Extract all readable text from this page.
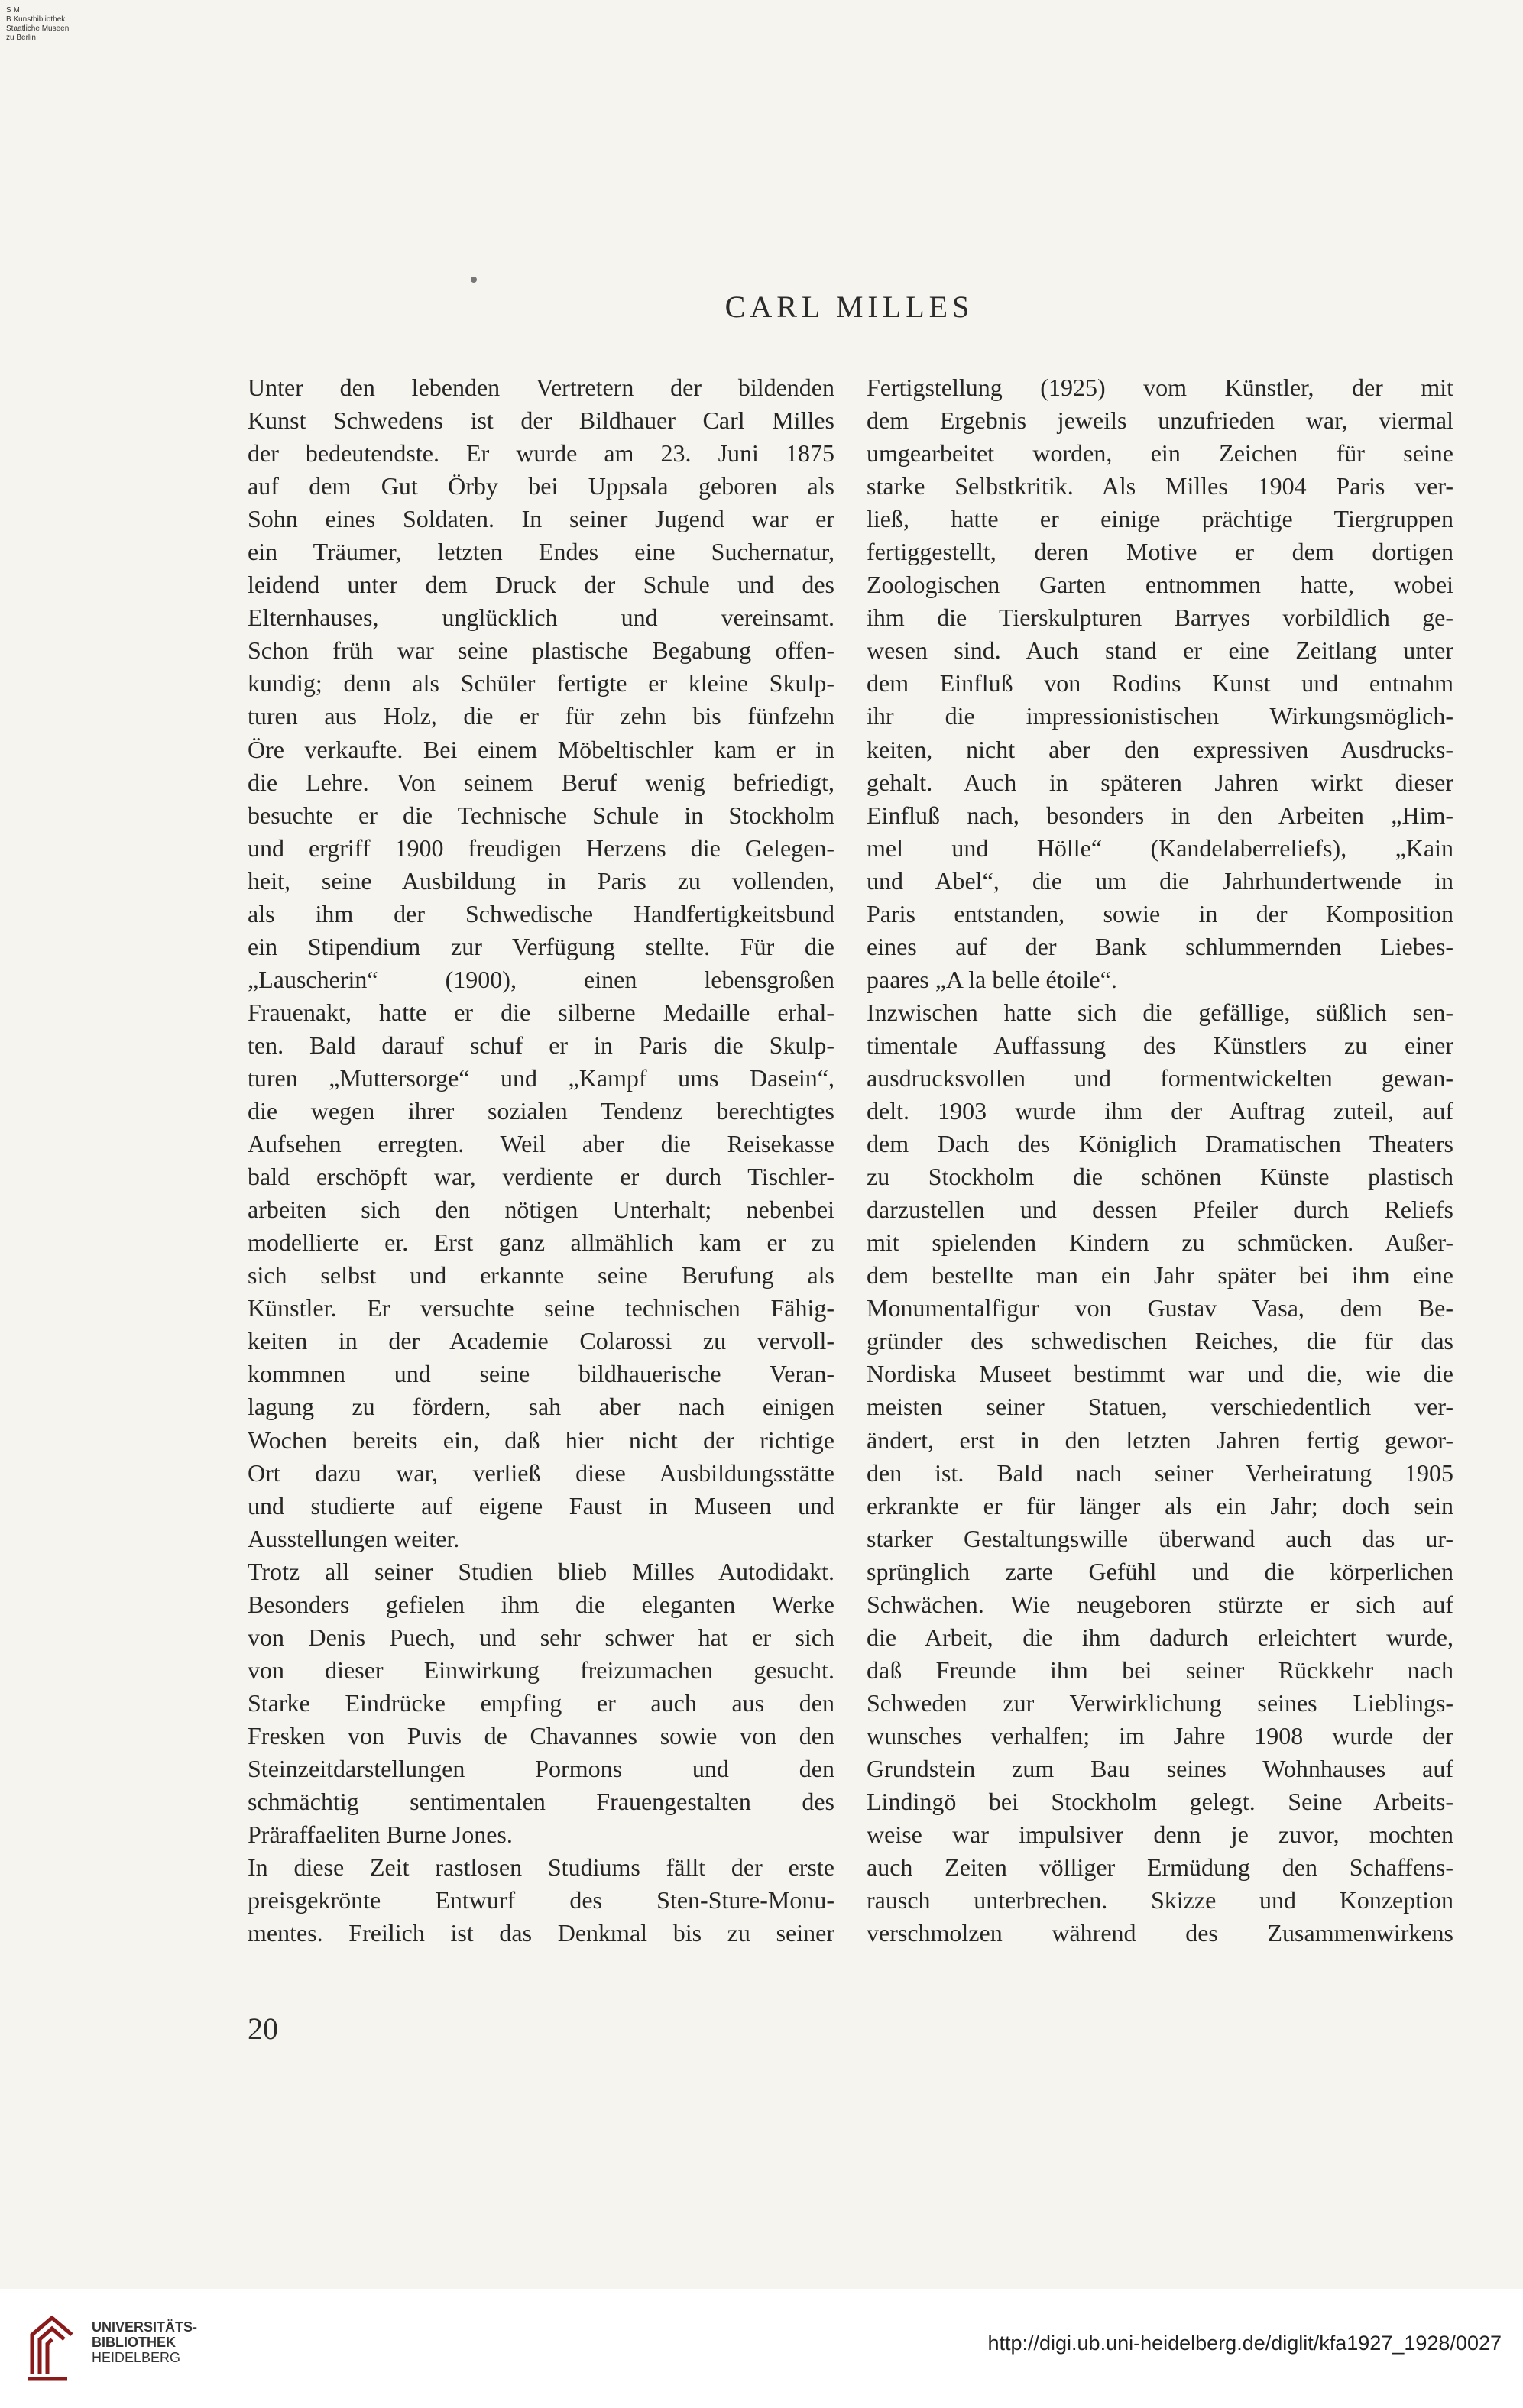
S M
B Kunstbibliothek
Staatliche Museen
zu Berlin
CARL MILLES
Unter den lebenden Vertretern der bildenden
Kunst Schwedens ist der Bildhauer Carl Milles
der bedeutendste. Er wurde am 23. Juni 1875
auf dem Gut Örby bei Uppsala geboren als
Sohn eines Soldaten. In seiner Jugend war er
ein Träumer, letzten Endes eine Suchernatur,
leidend unter dem Druck der Schule und des
Elternhauses, unglücklich und vereinsamt.
Schon früh war seine plastische Begabung offen-
kundig; denn als Schüler fertigte er kleine Skulp-
turen aus Holz, die er für zehn bis fünfzehn
Öre verkaufte. Bei einem Möbeltischler kam er in
die Lehre. Von seinem Beruf wenig befriedigt,
besuchte er die Technische Schule in Stockholm
und ergriff 1900 freudigen Herzens die Gelegen-
heit, seine Ausbildung in Paris zu vollenden,
als ihm der Schwedische Handfertigkeitsbund
ein Stipendium zur Verfügung stellte. Für die
„Lauscherin“ (1900), einen lebensgroßen
Frauenakt, hatte er die silberne Medaille erhal-
ten. Bald darauf schuf er in Paris die Skulp-
turen „Muttersorge“ und „Kampf ums Dasein“,
die wegen ihrer sozialen Tendenz berechtigtes
Aufsehen erregten. Weil aber die Reisekasse
bald erschöpft war, verdiente er durch Tischler-
arbeiten sich den nötigen Unterhalt; nebenbei
modellierte er. Erst ganz allmählich kam er zu
sich selbst und erkannte seine Berufung als
Künstler. Er versuchte seine technischen Fähig-
keiten in der Academie Colarossi zu vervoll-
kommnen und seine bildhauerische Veran-
lagung zu fördern, sah aber nach einigen
Wochen bereits ein, daß hier nicht der richtige
Ort dazu war, verließ diese Ausbildungsstätte
und studierte auf eigene Faust in Museen und
Ausstellungen weiter.
Trotz all seiner Studien blieb Milles Autodidakt.
Besonders gefielen ihm die eleganten Werke
von Denis Puech, und sehr schwer hat er sich
von dieser Einwirkung freizumachen gesucht.
Starke Eindrücke empfing er auch aus den
Fresken von Puvis de Chavannes sowie von den
Steinzeitdarstellungen Pormons und den
schmächtig sentimentalen Frauengestalten des
Präraffaeliten Burne Jones.
In diese Zeit rastlosen Studiums fällt der erste
preisgekrönte Entwurf des Sten-Sture-Monu-
mentes. Freilich ist das Denkmal bis zu seiner
Fertigstellung (1925) vom Künstler, der mit
dem Ergebnis jeweils unzufrieden war, viermal
umgearbeitet worden, ein Zeichen für seine
starke Selbstkritik. Als Milles 1904 Paris ver-
ließ, hatte er einige prächtige Tiergruppen
fertiggestellt, deren Motive er dem dortigen
Zoologischen Garten entnommen hatte, wobei
ihm die Tierskulpturen Barryes vorbildlich ge-
wesen sind. Auch stand er eine Zeitlang unter
dem Einfluß von Rodins Kunst und entnahm
ihr die impressionistischen Wirkungsmöglich-
keiten, nicht aber den expressiven Ausdrucks-
gehalt. Auch in späteren Jahren wirkt dieser
Einfluß nach, besonders in den Arbeiten „Him-
mel und Hölle“ (Kandelaberreliefs), „Kain
und Abel“, die um die Jahrhundertwende in
Paris entstanden, sowie in der Komposition
eines auf der Bank schlummernden Liebes-
paares „A la belle étoile“.
Inzwischen hatte sich die gefällige, süßlich sen-
timentale Auffassung des Künstlers zu einer
ausdrucksvollen und formentwickelten gewan-
delt. 1903 wurde ihm der Auftrag zuteil, auf
dem Dach des Königlich Dramatischen Theaters
zu Stockholm die schönen Künste plastisch
darzustellen und dessen Pfeiler durch Reliefs
mit spielenden Kindern zu schmücken. Außer-
dem bestellte man ein Jahr später bei ihm eine
Monumentalfigur von Gustav Vasa, dem Be-
gründer des schwedischen Reiches, die für das
Nordiska Museet bestimmt war und die, wie die
meisten seiner Statuen, verschiedentlich ver-
ändert, erst in den letzten Jahren fertig gewor-
den ist. Bald nach seiner Verheiratung 1905
erkrankte er für länger als ein Jahr; doch sein
starker Gestaltungswille überwand auch das ur-
sprünglich zarte Gefühl und die körperlichen
Schwächen. Wie neugeboren stürzte er sich auf
die Arbeit, die ihm dadurch erleichtert wurde,
daß Freunde ihm bei seiner Rückkehr nach
Schweden zur Verwirklichung seines Lieblings-
wunsches verhalfen; im Jahre 1908 wurde der
Grundstein zum Bau seines Wohnhauses auf
Lindingö bei Stockholm gelegt. Seine Arbeits-
weise war impulsiver denn je zuvor, mochten
auch Zeiten völliger Ermüdung den Schaffens-
rausch unterbrechen. Skizze und Konzeption
verschmolzen während des Zusammenwirkens
20
UNIVERSITÄTS-
BIBLIOTHEK
HEIDELBERG
http://digi.ub.uni-heidelberg.de/diglit/kfa1927_1928/0027
